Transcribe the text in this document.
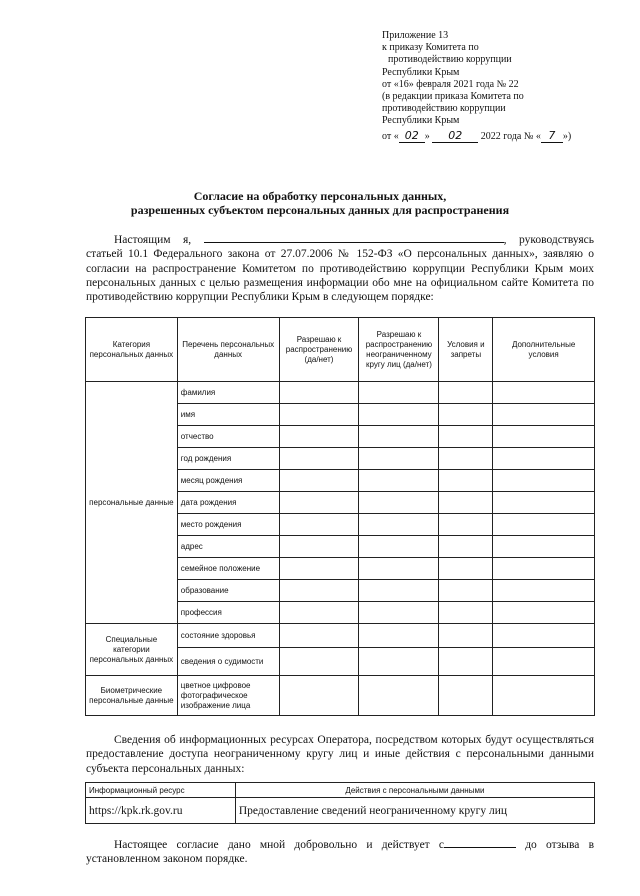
Приложение 13
к приказу Комитета по
противодействию коррупции
Республики Крым
от «16» февраля 2021 года № 22
(в редакции приказа Комитета по
противодействию коррупции
Республики Крым
от « 02 » 02 2022 года № « 7 »)
Согласие на обработку персональных данных,
разрешенных субъектом персональных данных для распространения
Настоящим я,	, руководствуясь статьей 10.1 Федерального закона от 27.07.2006 № 152-ФЗ «О персональных данных», заявляю о согласии на распространение Комитетом по противодействию коррупции Республики Крым моих персональных данных с целью размещения информации обо мне на официальном сайте Комитета по противодействию коррупции Республики Крым в следующем порядке:
Категория персональных данных	Перечень персональных данных	Разрешаю к распространению (да/нет)	Разрешаю к распространению неограниченному кругу лиц (да/нет)	Условия и запреты	Дополнительные условия
персональные данные	фамилия				
	имя				
	отчество				
	год рождения				
	месяц рождения				
	дата рождения				
	место рождения				
	адрес				
	семейное положение				
	образование				
	профессия				
Специальные категории персональных данных	состояние здоровья				
	сведения о судимости				
Биометрические персональные данные	цветное цифровое фотографическое изображение лица				
Сведения об информационных ресурсах Оператора, посредством которых будут осуществляться предоставление доступа неограниченному кругу лиц и иные действия с персональными данными субъекта персональных данных:
Информационный ресурс	Действия с персональными данными
https://kpk.rk.gov.ru	Предоставление сведений неограниченному кругу лиц
Настоящее согласие дано мной добровольно и действует с	до отзыва в установленном законом порядке.
